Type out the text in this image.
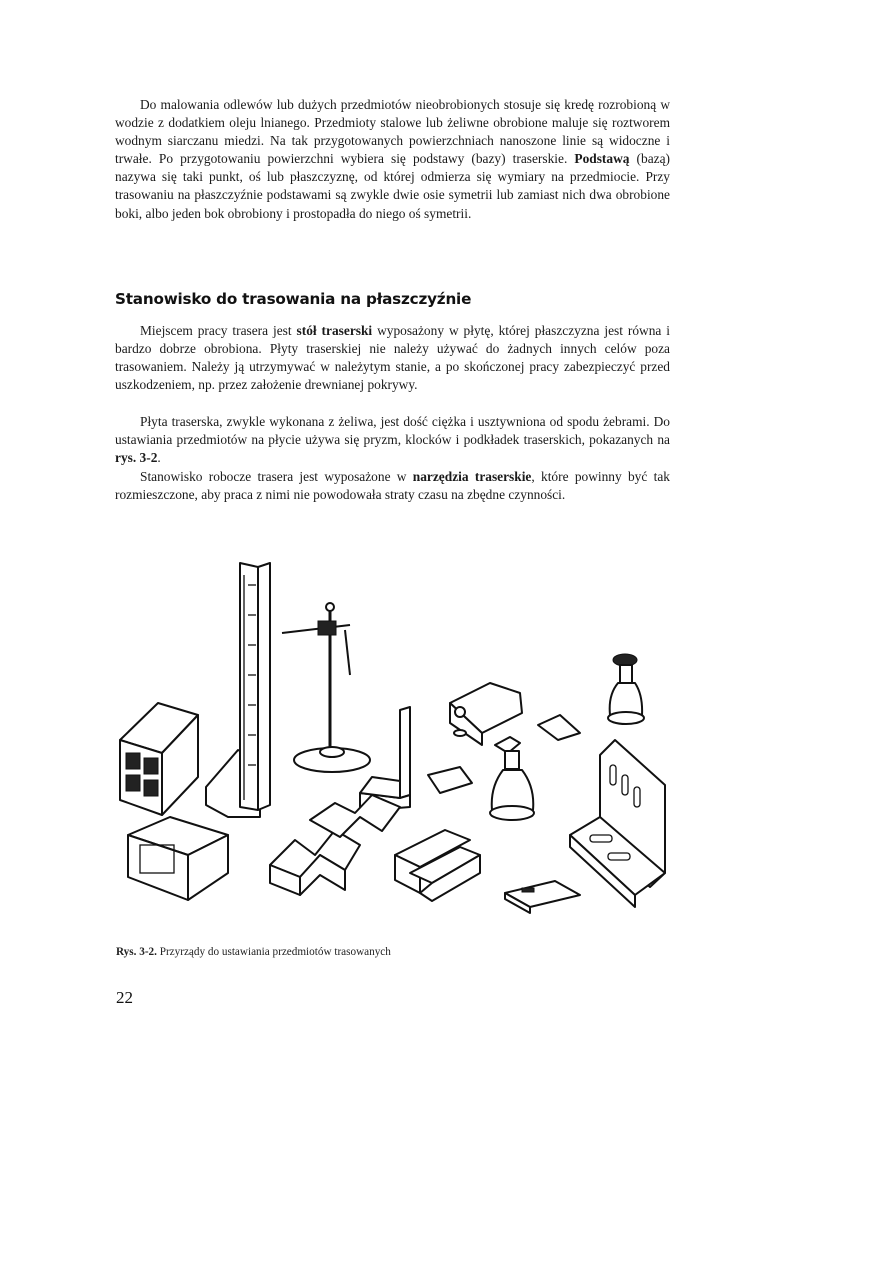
Do malowania odlewów lub dużych przedmiotów nieobrobionych stosuje się kredę rozrobioną w wodzie z dodatkiem oleju lnianego. Przedmioty stalowe lub żeliwne obrobione maluje się roztworem wodnym siarczanu miedzi. Na tak przygotowanych powierzchniach nanoszone linie są widoczne i trwałe. Po przygotowaniu powierzchni wybiera się podstawy (bazy) traserskie. Podstawą (bazą) nazywa się taki punkt, oś lub płaszczyznę, od której odmierza się wymiary na przedmiocie. Przy trasowaniu na płaszczyźnie podstawami są zwykle dwie osie symetrii lub zamiast nich dwa obrobione boki, albo jeden bok obrobiony i prostopadła do niego oś symetrii.

Stanowisko do trasowania na płaszczyźnie

Miejscem pracy trasera jest stół traserski wyposażony w płytę, której płaszczyzna jest równa i bardzo dobrze obrobiona. Płyty traserskiej nie należy używać do żadnych innych celów poza trasowaniem. Należy ją utrzymywać w należytym stanie, a po skończonej pracy zabezpieczyć przed uszkodzeniem, np. przez założenie drewnianej pokrywy.

Płyta traserska, zwykle wykonana z żeliwa, jest dość ciężka i usztywniona od spodu żebrami. Do ustawiania przedmiotów na płycie używa się pryzm, klocków i podkładek traserskich, pokazanych na rys. 3-2.

Stanowisko robocze trasera jest wyposażone w narzędzia traserskie, które powinny być tak rozmieszczone, aby praca z nimi nie powodowała straty czasu na zbędne czynności.

Rys. 3-2. Przyrządy do ustawiania przedmiotów trasowanych

22
